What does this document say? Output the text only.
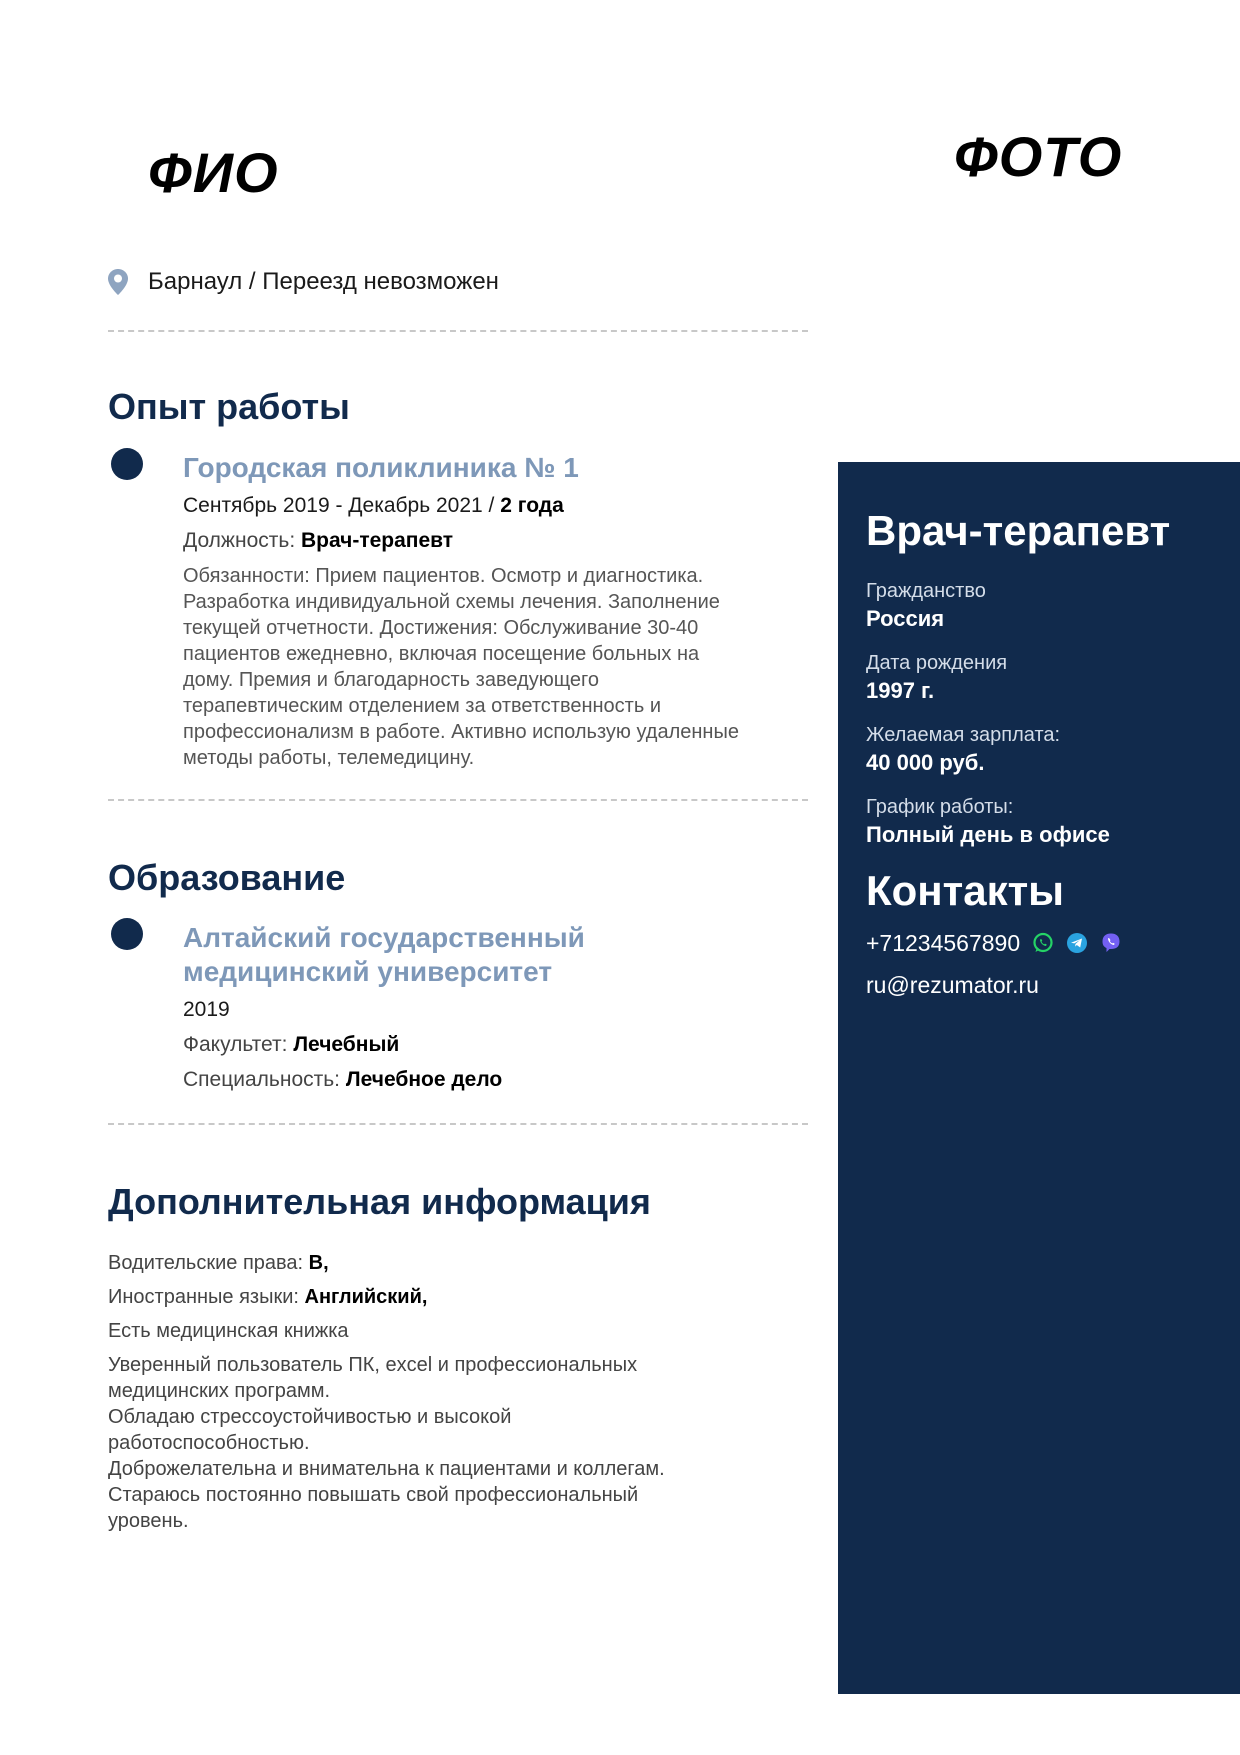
ФИО	ФОТО
Барнаул / Переезд невозможен
Опыт работы
Городская поликлиника № 1
Сентябрь 2019 - Декабрь 2021 / 2 года
Должность: Врач-терапевт
Обязанности: Прием пациентов. Осмотр и диагностика. Разработка индивидуальной схемы лечения. Заполнение текущей отчетности. Достижения: Обслуживание 30-40 пациентов ежедневно, включая посещение больных на дому. Премия и благодарность заведующего терапевтическим отделением за ответственность и профессионализм в работе. Активно использую удаленные методы работы, телемедицину.
Образование
Алтайский государственный медицинский университет
2019
Факультет: Лечебный
Специальность: Лечебное дело
Дополнительная информация
Водительские права: B,
Иностранные языки: Английский,
Есть медицинская книжка
Уверенный пользователь ПК, excel и профессиональных медицинских программ.
Обладаю стрессоустойчивостью и высокой работоспособностью.
Доброжелательна и внимательна к пациентами и коллегам.
Стараюсь постоянно повышать свой профессиональный уровень.
Врач-терапевт
Гражданство
Россия
Дата рождения
1997 г.
Желаемая зарплата:
40 000 руб.
График работы:
Полный день в офисе
Контакты
+71234567890
ru@rezumator.ru
